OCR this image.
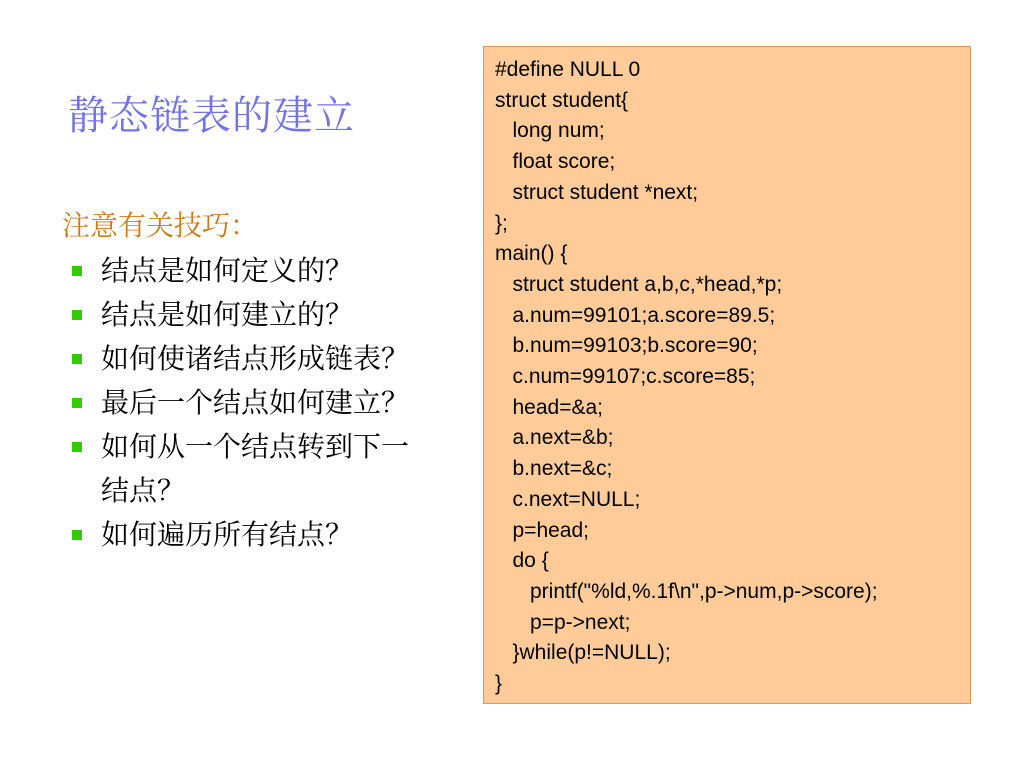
静态链表的建立
注意有关技巧：
结点是如何定义的？
结点是如何建立的？
如何使诸结点形成链表？
最后一个结点如何建立？
如何从一个结点转到下一结点？
如何遍历所有结点？
#define NULL 0
struct student{
long num;
float score;
struct student *next;
};
main() {
struct student a,b,c,*head,*p;
a.num=99101;a.score=89.5;
b.num=99103;b.score=90;
c.num=99107;c.score=85;
head=&a;
a.next=&b;
b.next=&c;
c.next=NULL;
p=head;
do {
printf("%ld,%.1f\n",p->num,p->score);
p=p->next;
}while(p!=NULL);
}
